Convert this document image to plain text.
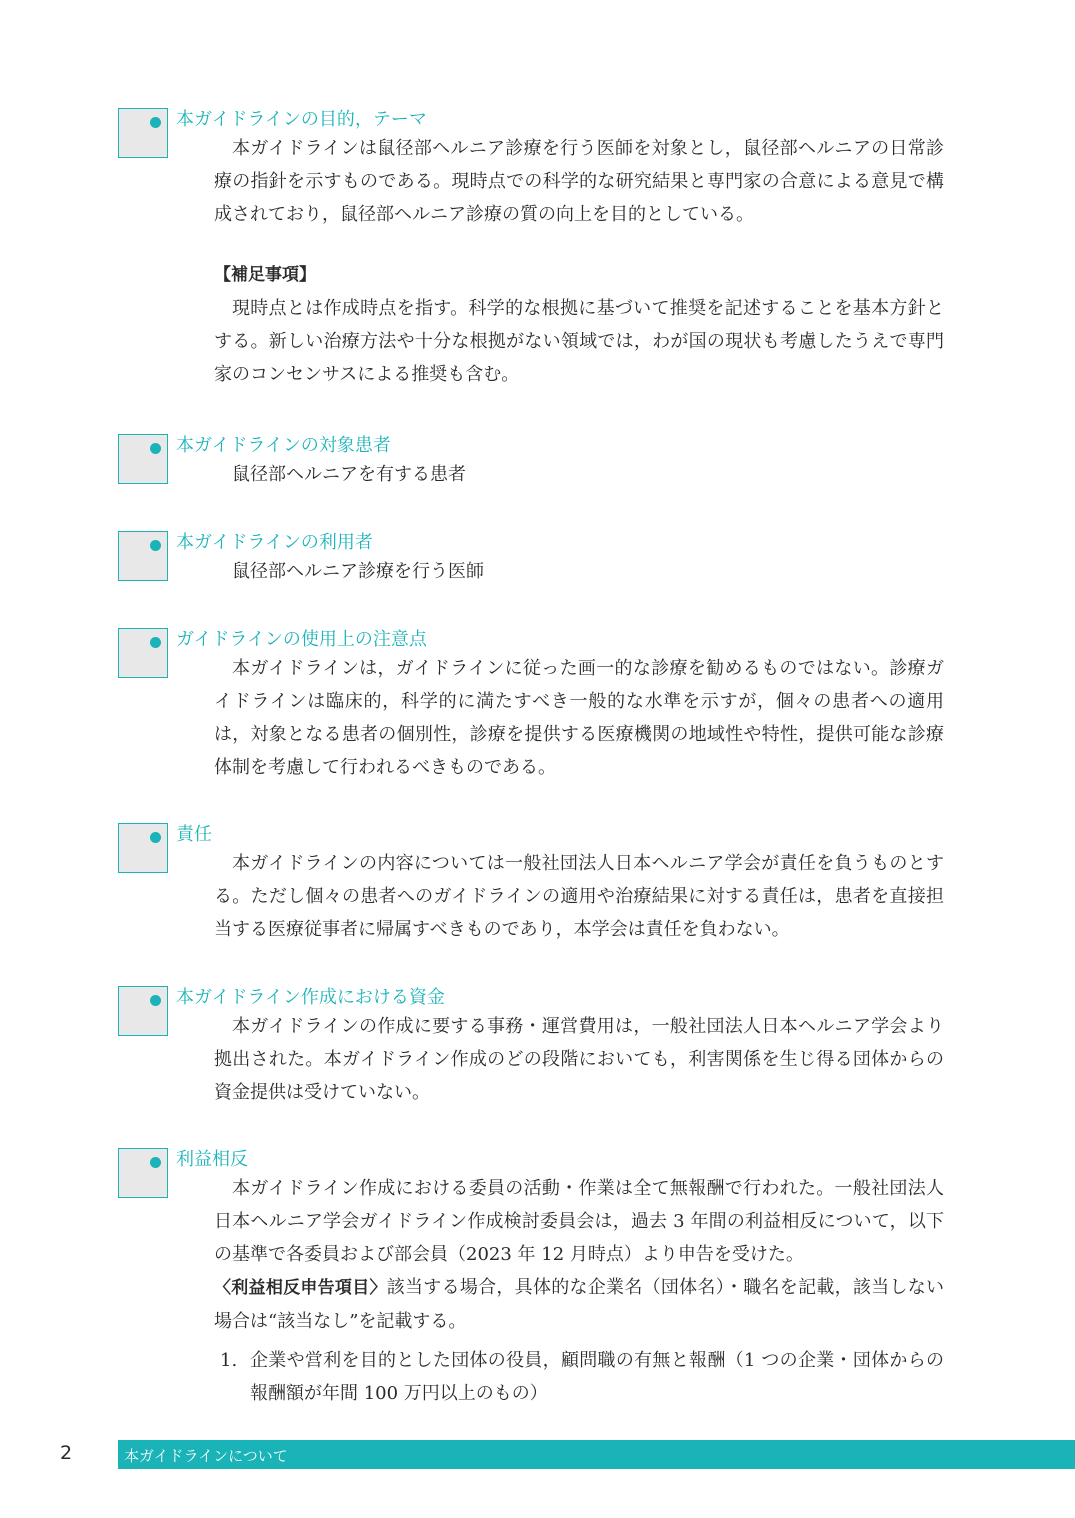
本ガイドラインの目的，テーマ

本ガイドラインは鼠径部ヘルニア診療を行う医師を対象とし，鼠径部ヘルニアの日常診療の指針を示すものである。現時点での科学的な研究結果と専門家の合意による意見で構成されており，鼠径部ヘルニア診療の質の向上を目的としている。

【補足事項】

現時点とは作成時点を指す。科学的な根拠に基づいて推奨を記述することを基本方針とする。新しい治療方法や十分な根拠がない領域では，わが国の現状も考慮したうえで専門家のコンセンサスによる推奨も含む。

本ガイドラインの対象患者

鼠径部ヘルニアを有する患者

本ガイドラインの利用者

鼠径部ヘルニア診療を行う医師

ガイドラインの使用上の注意点

本ガイドラインは，ガイドラインに従った画一的な診療を勧めるものではない。診療ガイドラインは臨床的，科学的に満たすべき一般的な水準を示すが，個々の患者への適用は，対象となる患者の個別性，診療を提供する医療機関の地域性や特性，提供可能な診療体制を考慮して行われるべきものである。

責任

本ガイドラインの内容については一般社団法人日本ヘルニア学会が責任を負うものとする。ただし個々の患者へのガイドラインの適用や治療結果に対する責任は，患者を直接担当する医療従事者に帰属すべきものであり，本学会は責任を負わない。

本ガイドライン作成における資金

本ガイドラインの作成に要する事務・運営費用は，一般社団法人日本ヘルニア学会より拠出された。本ガイドライン作成のどの段階においても，利害関係を生じ得る団体からの資金提供は受けていない。

利益相反

本ガイドライン作成における委員の活動・作業は全て無報酬で行われた。一般社団法人日本ヘルニア学会ガイドライン作成検討委員会は，過去 3 年間の利益相反について，以下の基準で各委員および部会員（2023 年 12 月時点）より申告を受けた。

〈利益相反申告項目〉該当する場合，具体的な企業名（団体名）・職名を記載，該当しない場合は“該当なし”を記載する。

1. 企業や営利を目的とした団体の役員，顧問職の有無と報酬（1 つの企業・団体からの報酬額が年間 100 万円以上のもの）
2	本ガイドラインについて
